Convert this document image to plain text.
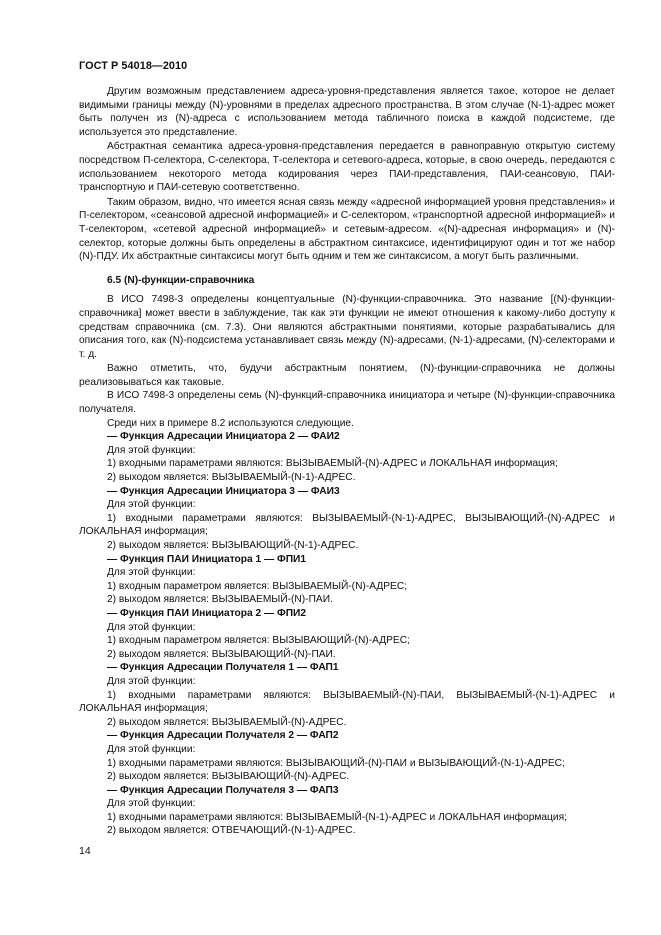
ГОСТ Р 54018—2010

Другим возможным представлением адреса-уровня-представления является такое, которое не делает видимыми границы между (N)-уровнями в пределах адресного пространства. В этом случае (N-1)-адрес может быть получен из (N)-адреса с использованием метода табличного поиска в каждой подсистеме, где используется это представление.

Абстрактная семантика адреса-уровня-представления передается в равноправную открытую систему посредством П-селектора, С-селектора, Т-селектора и сетевого-адреса, которые, в свою очередь, передаются с использованием некоторого метода кодирования через ПАИ-представления, ПАИ-сеансовую, ПАИ-транспортную и ПАИ-сетевую соответственно.

Таким образом, видно, что имеется ясная связь между «адресной информацией уровня представления» и П-селектором, «сеансовой адресной информацией» и С-селектором, «транспортной адресной информацией» и Т-селектором, «сетевой адресной информацией» и сетевым-адресом. «(N)-адресная информация» и (N)-селектор, которые должны быть определены в абстрактном синтаксисе, идентифицируют один и тот же набор (N)-ПДУ. Их абстрактные синтаксисы могут быть одним и тем же синтаксисом, а могут быть различными.

6.5 (N)-функции-справочника

В ИСО 7498-3 определены концептуальные (N)-функции-справочника. Это название [(N)-функции-справочника] может ввести в заблуждение, так как эти функции не имеют отношения к какому-либо доступу к средствам справочника (см. 7.3). Они являются абстрактными понятиями, которые разрабатывались для описания того, как (N)-подсистема устанавливает связь между (N)-адресами, (N-1)-адресами, (N)-селекторами и т. д.

Важно отметить, что, будучи абстрактным понятием, (N)-функции-справочника не должны реализовываться как таковые.

В ИСО 7498-3 определены семь (N)-функций-справочника инициатора и четыре (N)-функции-справочника получателя.

Среди них в примере 8.2 используются следующие.

— Функция Адресации Инициатора 2 — ФАИ2

Для этой функции:

1) входными параметрами являются: ВЫЗЫВАЕМЫЙ-(N)-АДРЕС и ЛОКАЛЬНАЯ информация;

2) выходом является: ВЫЗЫВАЕМЫЙ-(N-1)-АДРЕС.

— Функция Адресации Инициатора 3 — ФАИ3

Для этой функции:

1) входными параметрами являются: ВЫЗЫВАЕМЫЙ-(N-1)-АДРЕС, ВЫЗЫВАЮЩИЙ-(N)-АДРЕС и ЛОКАЛЬНАЯ информация;

2) выходом является: ВЫЗЫВАЮЩИЙ-(N-1)-АДРЕС.

— Функция ПАИ Инициатора 1 — ФПИ1

Для этой функции:

1) входным параметром является: ВЫЗЫВАЕМЫЙ-(N)-АДРЕС;

2) выходом является: ВЫЗЫВАЕМЫЙ-(N)-ПАИ.

— Функция ПАИ Инициатора 2 — ФПИ2

Для этой функции:

1) входным параметром является: ВЫЗЫВАЮЩИЙ-(N)-АДРЕС;

2) выходом является: ВЫЗЫВАЮЩИЙ-(N)-ПАИ.

— Функция Адресации Получателя 1 — ФАП1

Для этой функции:

1) входными параметрами являются: ВЫЗЫВАЕМЫЙ-(N)-ПАИ, ВЫЗЫВАЕМЫЙ-(N-1)-АДРЕС и ЛОКАЛЬНАЯ информация;

2) выходом является: ВЫЗЫВАЕМЫЙ-(N)-АДРЕС.

— Функция Адресации Получателя 2 — ФАП2

Для этой функции:

1) входными параметрами являются: ВЫЗЫВАЮЩИЙ-(N)-ПАИ и ВЫЗЫВАЮЩИЙ-(N-1)-АДРЕС;

2) выходом является: ВЫЗЫВАЮЩИЙ-(N)-АДРЕС.

— Функция Адресации Получателя 3 — ФАП3

Для этой функции:

1) входными параметрами являются: ВЫЗЫВАЕМЫЙ-(N-1)-АДРЕС и ЛОКАЛЬНАЯ информация;

2) выходом является: ОТВЕЧАЮЩИЙ-(N-1)-АДРЕС.

14
